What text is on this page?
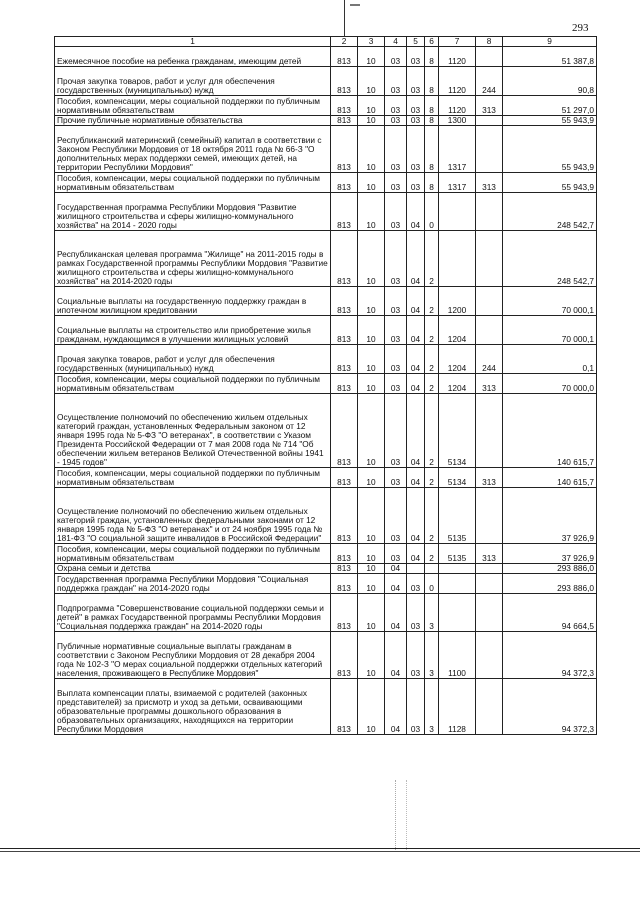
293
1	2	3	4	5	6	7	8	9
Ежемесячное пособие на ребенка гражданам, имеющим детей	813	10	03	03	8	1120		51 387,8
Прочая закупка товаров, работ и услуг для обеспечения государственных (муниципальных) нужд	813	10	03	03	8	1120	244	90,8
Пособия, компенсации, меры социальной поддержки по публичным нормативным обязательствам	813	10	03	03	8	1120	313	51 297,0
Прочие публичные нормативные обязательства	813	10	03	03	8	1300		55 943,9
Республиканский материнский (семейный) капитал в соответствии с Законом Республики Мордовия от 18 октября 2011 года № 66-З "О дополнительных мерах поддержки семей, имеющих детей, на территории Республики Мордовия"	813	10	03	03	8	1317		55 943,9
Пособия, компенсации, меры социальной поддержки по публичным нормативным обязательствам	813	10	03	03	8	1317	313	55 943,9
Государственная программа Республики Мордовия "Развитие жилищного строительства и сферы жилищно-коммунального хозяйства" на 2014 - 2020 годы	813	10	03	04	0			248 542,7
Республиканская целевая программа "Жилище" на 2011-2015 годы в рамках Государственной программы Республики Мордовия "Развитие жилищного строительства и сферы жилищно-коммунального хозяйства" на 2014-2020 годы	813	10	03	04	2			248 542,7
Социальные выплаты на государственную поддержку граждан в ипотечном жилищном кредитовании	813	10	03	04	2	1200		70 000,1
Социальные выплаты на строительство или приобретение жилья гражданам, нуждающимся в улучшении жилищных условий	813	10	03	04	2	1204		70 000,1
Прочая закупка товаров, работ и услуг для обеспечения государственных (муниципальных) нужд	813	10	03	04	2	1204	244	0,1
Пособия, компенсации, меры социальной поддержки по публичным нормативным обязательствам	813	10	03	04	2	1204	313	70 000,0
Осуществление полномочий по обеспечению жильем отдельных категорий граждан, установленных Федеральным законом от 12 января 1995 года № 5-ФЗ "О ветеранах", в соответствии с Указом Президента Российской Федерации от 7 мая 2008 года № 714 "Об обеспечении жильем ветеранов Великой Отечественной войны 1941 - 1945 годов"	813	10	03	04	2	5134		140 615,7
Пособия, компенсации, меры социальной поддержки по публичным нормативным обязательствам	813	10	03	04	2	5134	313	140 615,7
Осуществление полномочий по обеспечению жильем отдельных категорий граждан, установленных федеральными законами от 12 января 1995 года № 5-ФЗ "О ветеранах" и от 24 ноября 1995 года № 181-ФЗ "О социальной защите инвалидов в Российской Федерации"	813	10	03	04	2	5135		37 926,9
Пособия, компенсации, меры социальной поддержки по публичным нормативным обязательствам	813	10	03	04	2	5135	313	37 926,9
Охрана семьи и детства	813	10	04					293 886,0
Государственная программа Республики Мордовия "Социальная поддержка граждан" на 2014-2020 годы	813	10	04	03	0			293 886,0
Подпрограмма "Совершенствование социальной поддержки семьи и детей" в рамках Государственной программы Республики Мордовия "Социальная поддержка граждан" на 2014-2020 годы	813	10	04	03	3			94 664,5
Публичные нормативные социальные выплаты гражданам в соответствии с Законом Республики Мордовия от 28 декабря 2004 года № 102-З "О мерах социальной поддержки отдельных категорий населения, проживающего в Республике Мордовия"	813	10	04	03	3	1100		94 372,3
Выплата компенсации платы, взимаемой с родителей (законных представителей) за присмотр и уход за детьми, осваивающими образовательные программы дошкольного образования в образовательных организациях, находящихся на территории Республики Мордовия	813	10	04	03	3	1128		94 372,3
